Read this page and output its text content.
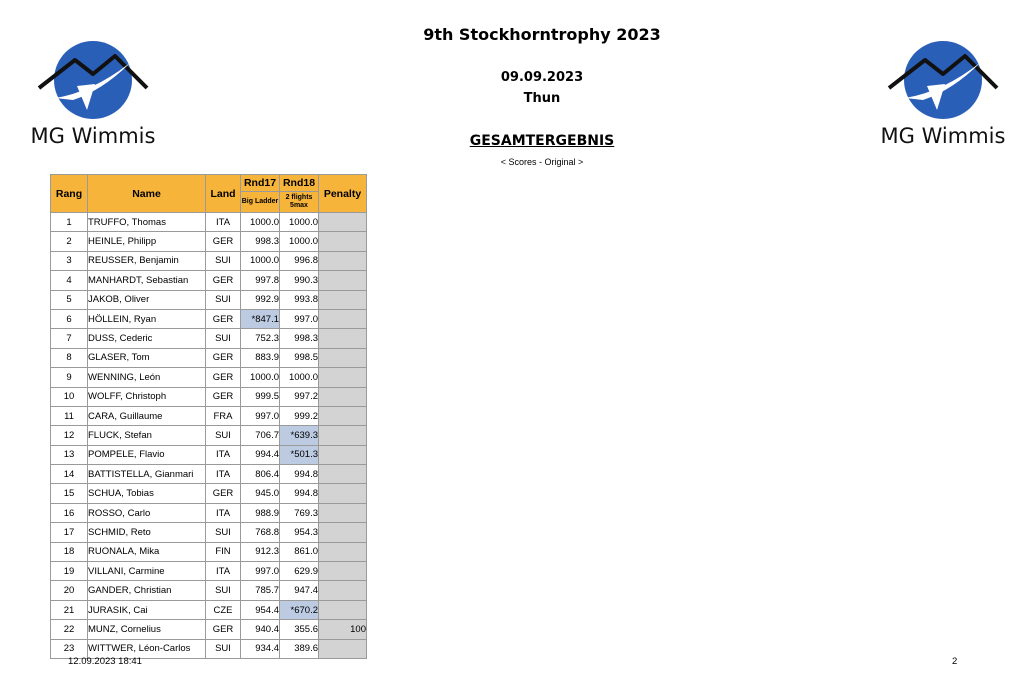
MG Wimmis	MG Wimmis
9th Stockhorntrophy 2023
09.09.2023
Thun
GESAMTERGEBNIS
< Scores - Original >
Rang	Name	Land	Rnd17	Rnd18	Penalty
			Big Ladder	2 flights 5max	
1	TRUFFO, Thomas	ITA	1000.0	1000.0	
2	HEINLE, Philipp	GER	998.3	1000.0	
3	REUSSER, Benjamin	SUI	1000.0	996.8	
4	MANHARDT, Sebastian	GER	997.8	990.3	
5	JAKOB, Oliver	SUI	992.9	993.8	
6	HÖLLEIN, Ryan	GER	*847.1	997.0	
7	DUSS, Cederic	SUI	752.3	998.3	
8	GLASER, Tom	GER	883.9	998.5	
9	WENNING, León	GER	1000.0	1000.0	
10	WOLFF, Christoph	GER	999.5	997.2	
11	CARA, Guillaume	FRA	997.0	999.2	
12	FLUCK, Stefan	SUI	706.7	*639.3	
13	POMPELE, Flavio	ITA	994.4	*501.3	
14	BATTISTELLA, Gianmari	ITA	806.4	994.8	
15	SCHUA, Tobias	GER	945.0	994.8	
16	ROSSO, Carlo	ITA	988.9	769.3	
17	SCHMID, Reto	SUI	768.8	954.3	
18	RUONALA, Mika	FIN	912.3	861.0	
19	VILLANI, Carmine	ITA	997.0	629.9	
20	GANDER, Christian	SUI	785.7	947.4	
21	JURASIK, Cai	CZE	954.4	*670.2	
22	MUNZ, Cornelius	GER	940.4	355.6	100
23	WITTWER, Léon-Carlos	SUI	934.4	389.6	
12.09.2023 18:41	2
